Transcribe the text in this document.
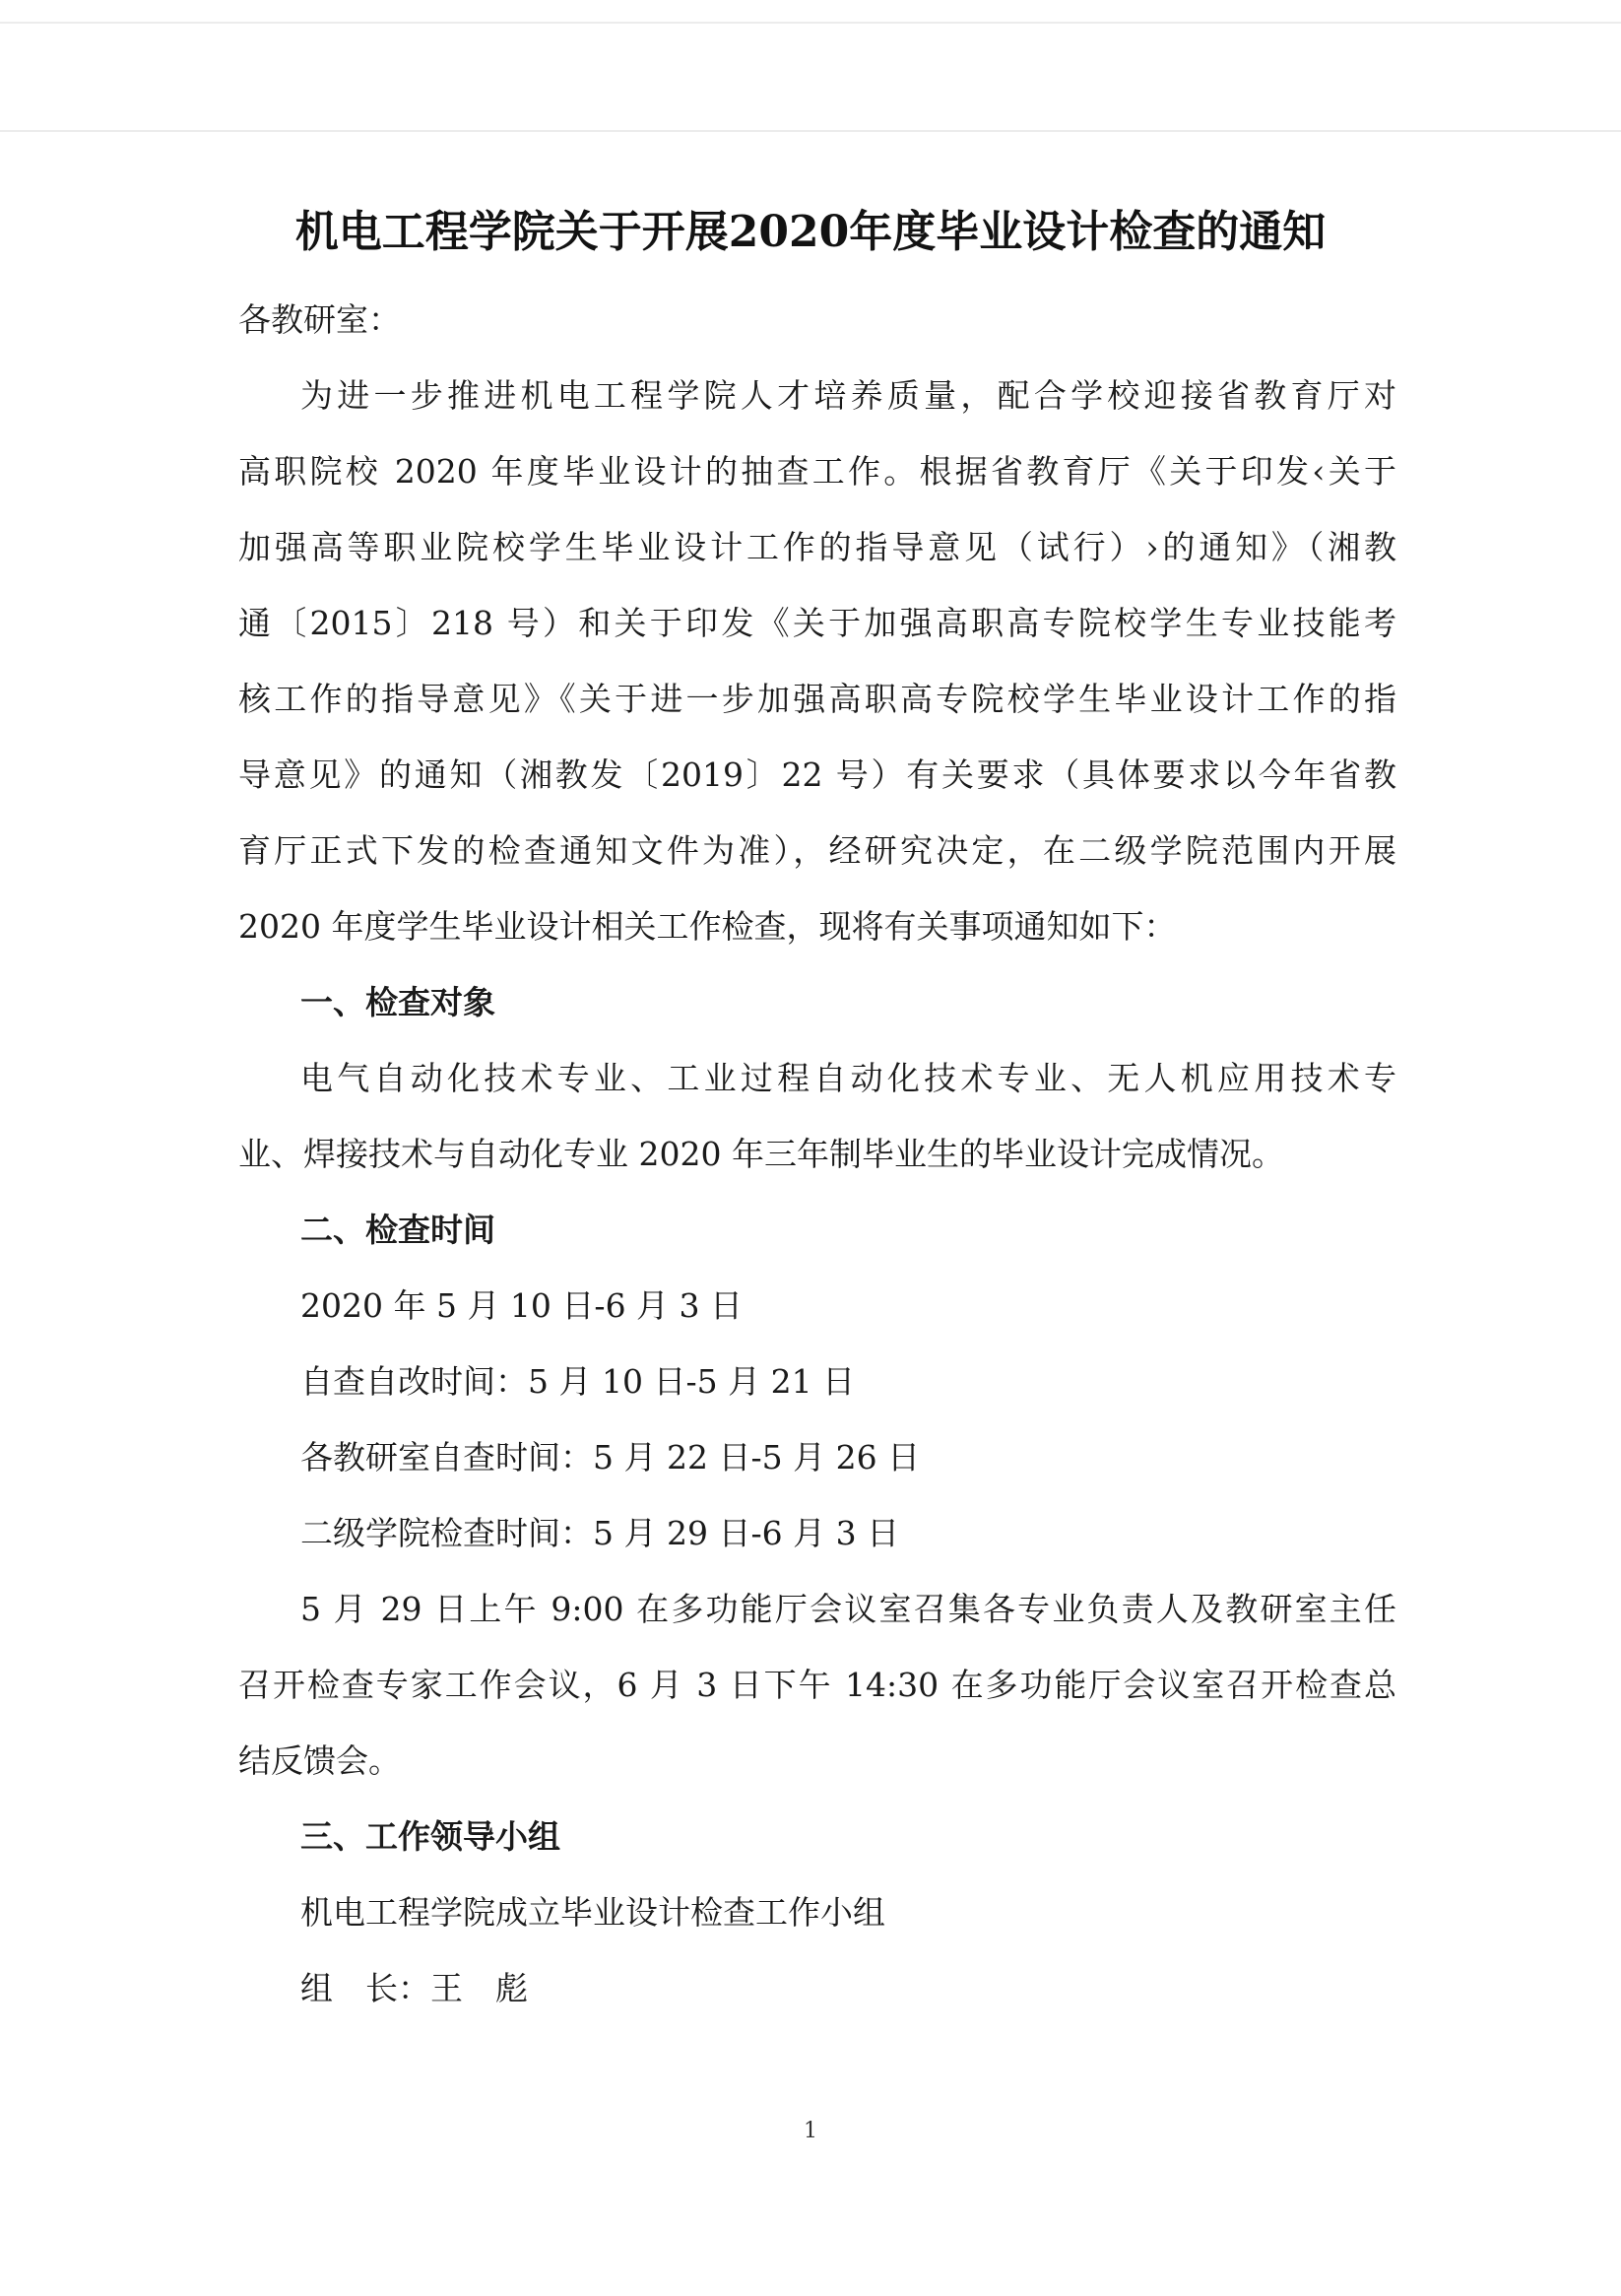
机电工程学院关于开展2020年度毕业设计检查的通知
各教研室：
为进一步推进机电工程学院人才培养质量，配合学校迎接省教育厅对
高职院校 2020 年度毕业设计的抽查工作。根据省教育厅《关于印发‹关于
加强高等职业院校学生毕业设计工作的指导意见（试行）›的通知》（湘教
通〔2015〕218 号）和关于印发《关于加强高职高专院校学生专业技能考
核工作的指导意见》《关于进一步加强高职高专院校学生毕业设计工作的指
导意见》的通知（湘教发〔2019〕22 号）有关要求（具体要求以今年省教
育厅正式下发的检查通知文件为准），经研究决定，在二级学院范围内开展
2020 年度学生毕业设计相关工作检查，现将有关事项通知如下：
一、检查对象
电气自动化技术专业、工业过程自动化技术专业、无人机应用技术专
业、焊接技术与自动化专业 2020 年三年制毕业生的毕业设计完成情况。
二、检查时间
2020 年 5 月 10 日-6 月 3 日
自查自改时间：5 月 10 日-5 月 21 日
各教研室自查时间：5 月 22 日-5 月 26 日
二级学院检查时间：5 月 29 日-6 月 3 日
5 月 29 日上午 9:00 在多功能厅会议室召集各专业负责人及教研室主任
召开检查专家工作会议，6 月 3 日下午 14:30 在多功能厅会议室召开检查总
结反馈会。
三、工作领导小组
机电工程学院成立毕业设计检查工作小组
组　长：王　彪
1
